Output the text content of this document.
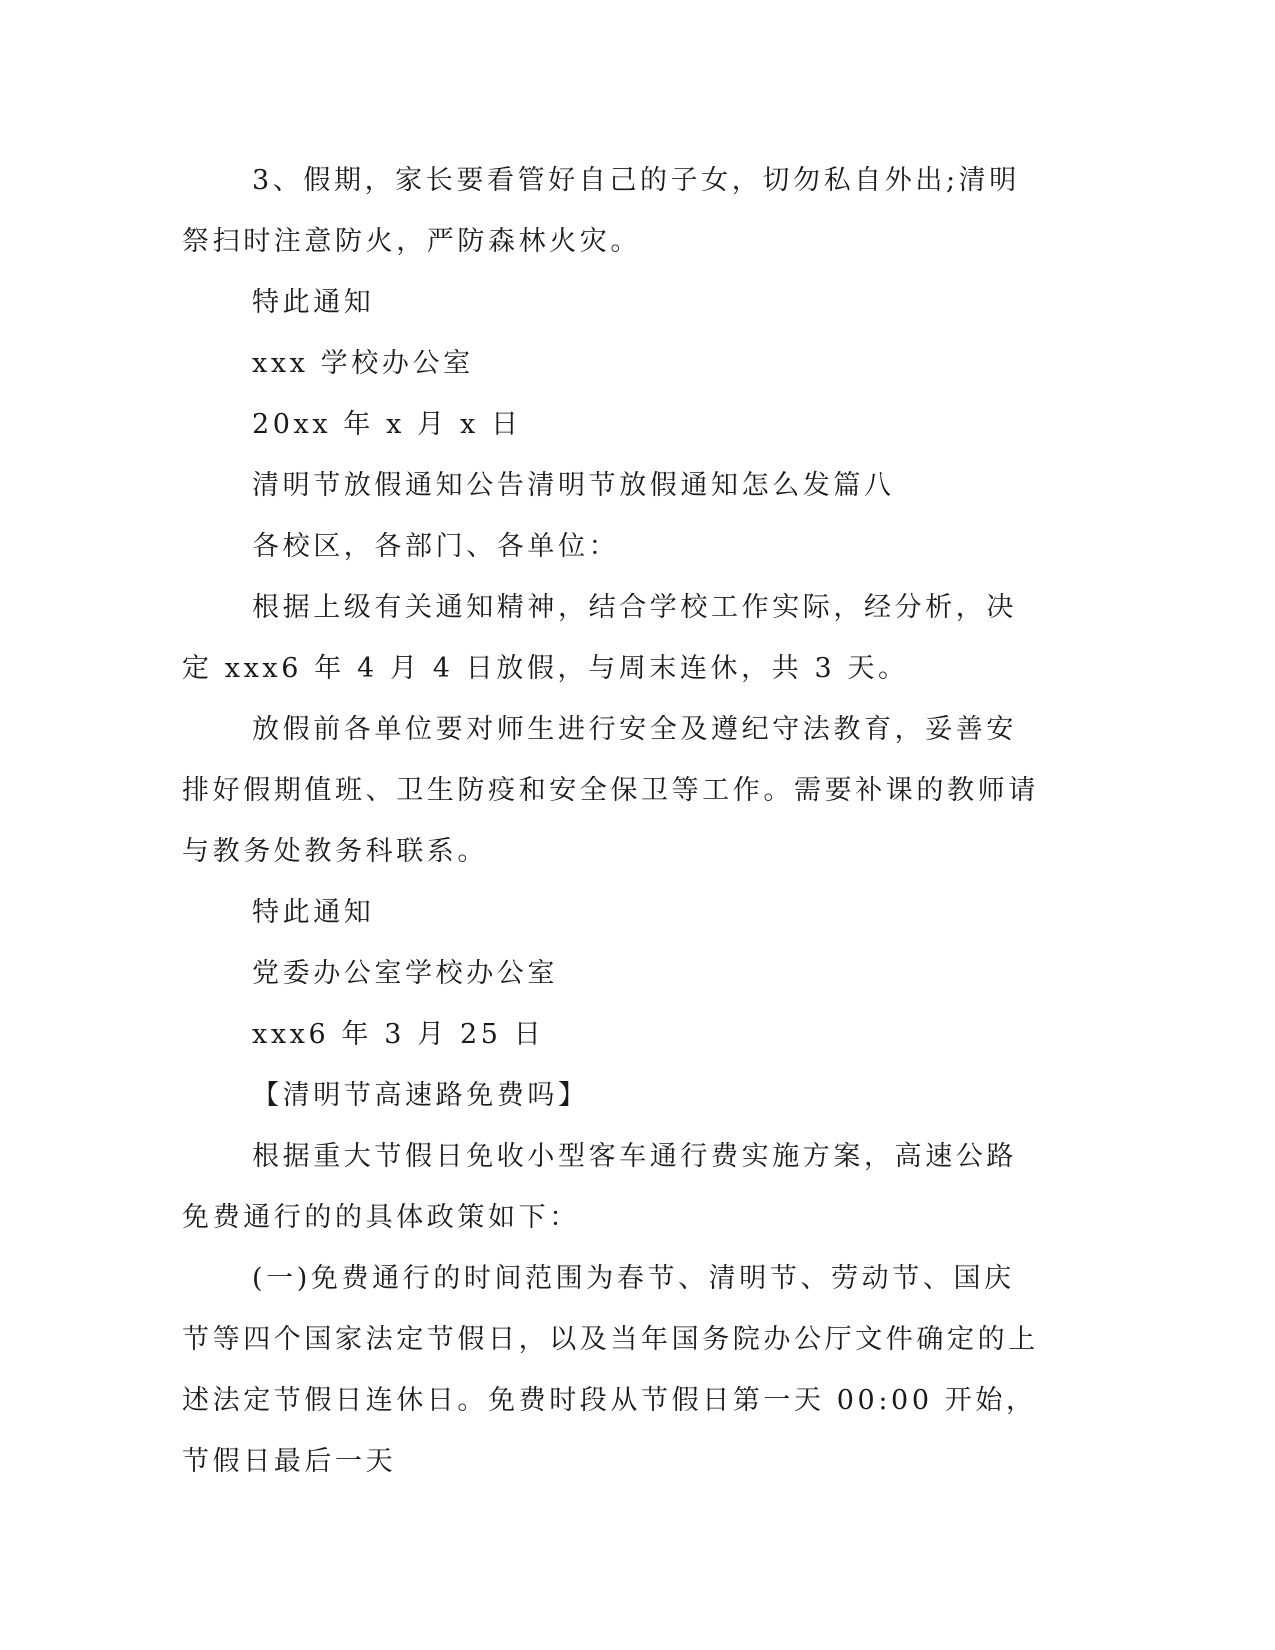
3、假期，家长要看管好自己的子女，切勿私自外出;清明祭扫时注意防火，严防森林火灾。

特此通知

xxx 学校办公室

20xx 年 x 月 x 日

清明节放假通知公告清明节放假通知怎么发篇八

各校区，各部门、各单位：

根据上级有关通知精神，结合学校工作实际，经分析，决定 xxx6 年 4 月 4 日放假，与周末连休，共 3 天。

放假前各单位要对师生进行安全及遵纪守法教育，妥善安排好假期值班、卫生防疫和安全保卫等工作。需要补课的教师请与教务处教务科联系。

特此通知

党委办公室学校办公室

xxx6 年 3 月 25 日

【清明节高速路免费吗】

根据重大节假日免收小型客车通行费实施方案，高速公路免费通行的的具体政策如下：

(一)免费通行的时间范围为春节、清明节、劳动节、国庆节等四个国家法定节假日，以及当年国务院办公厅文件确定的上述法定节假日连休日。免费时段从节假日第一天 00:00 开始，节假日最后一天
